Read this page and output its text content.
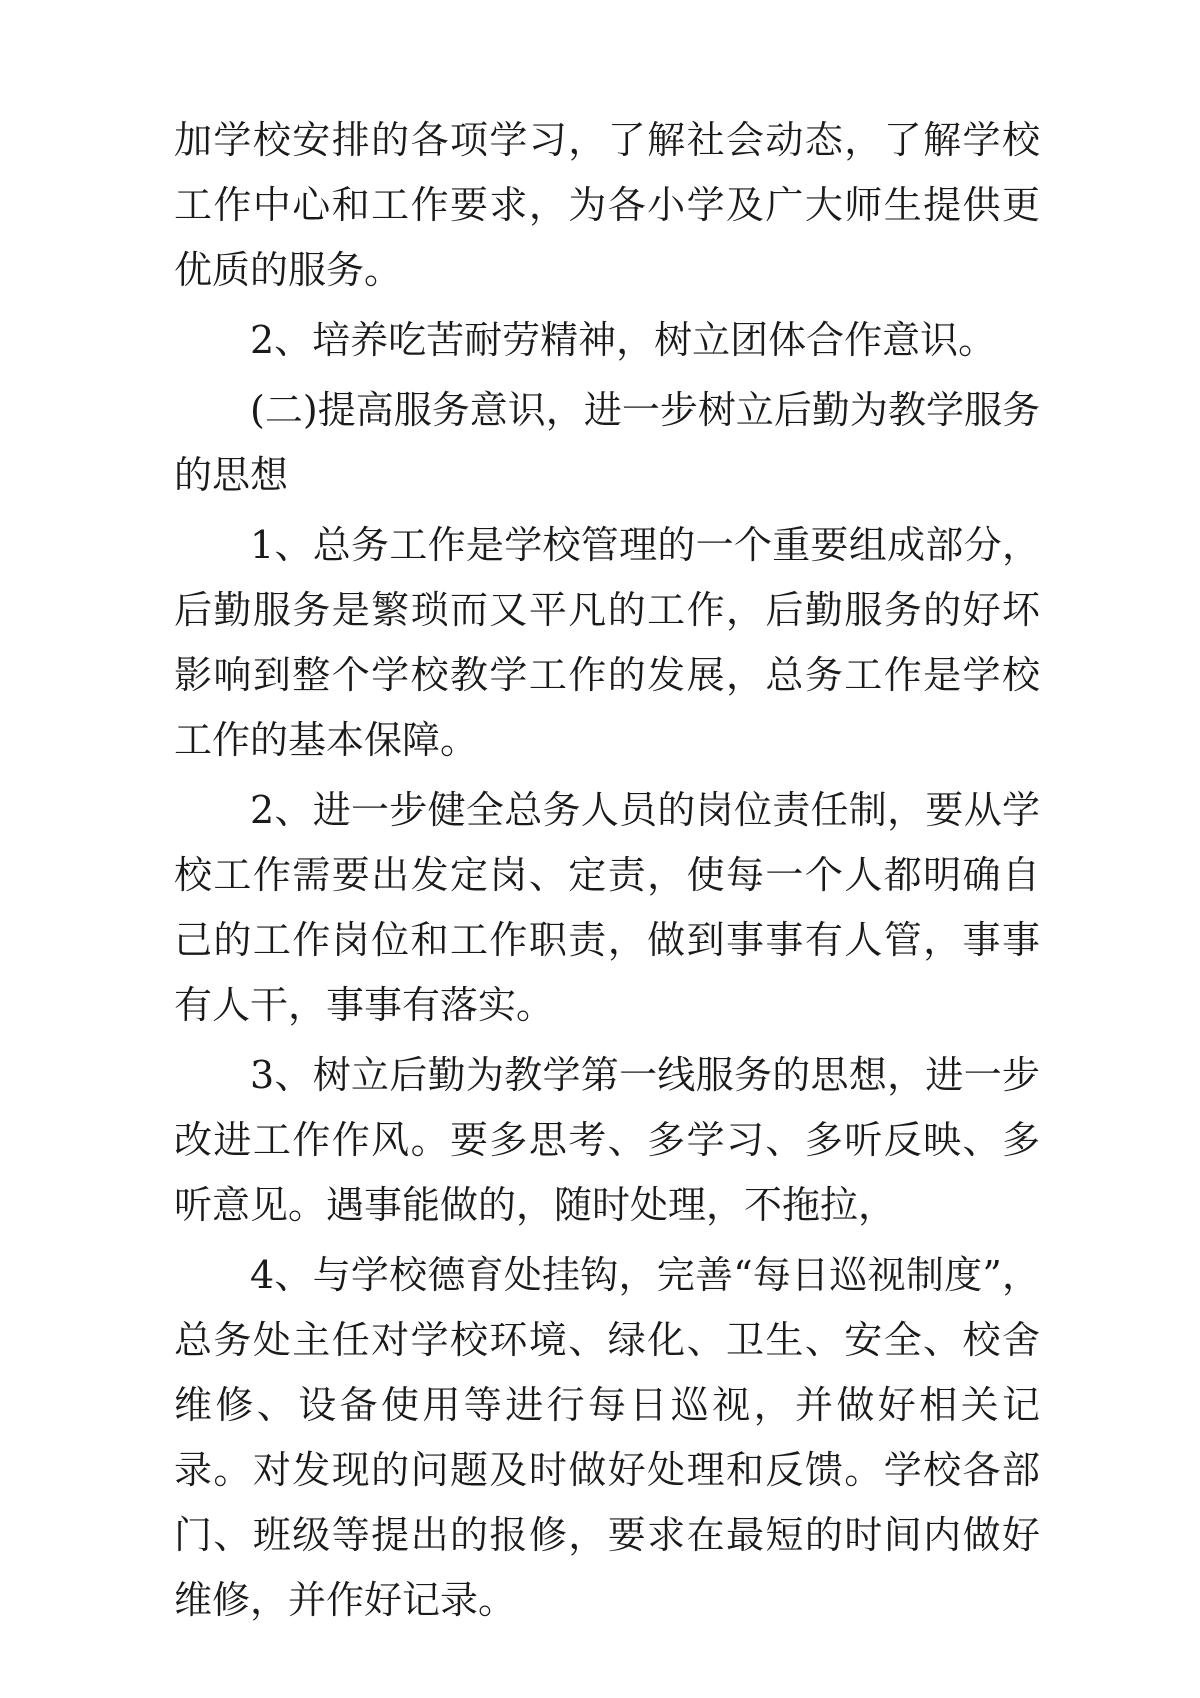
加学校安排的各项学习，了解社会动态，了解学校工作中心和工作要求，为各小学及广大师生提供更优质的服务。

2、培养吃苦耐劳精神，树立团体合作意识。

(二)提高服务意识，进一步树立后勤为教学服务的思想

1、总务工作是学校管理的一个重要组成部分，后勤服务是繁琐而又平凡的工作，后勤服务的好坏影响到整个学校教学工作的发展，总务工作是学校工作的基本保障。

2、进一步健全总务人员的岗位责任制，要从学校工作需要出发定岗、定责，使每一个人都明确自己的工作岗位和工作职责，做到事事有人管，事事有人干，事事有落实。

3、树立后勤为教学第一线服务的思想，进一步改进工作作风。要多思考、多学习、多听反映、多听意见。遇事能做的，随时处理，不拖拉，

4、与学校德育处挂钩，完善“每日巡视制度”，总务处主任对学校环境、绿化、卫生、安全、校舍维修、设备使用等进行每日巡视，并做好相关记录。对发现的问题及时做好处理和反馈。学校各部门、班级等提出的报修，要求在最短的时间内做好维修，并作好记录。
